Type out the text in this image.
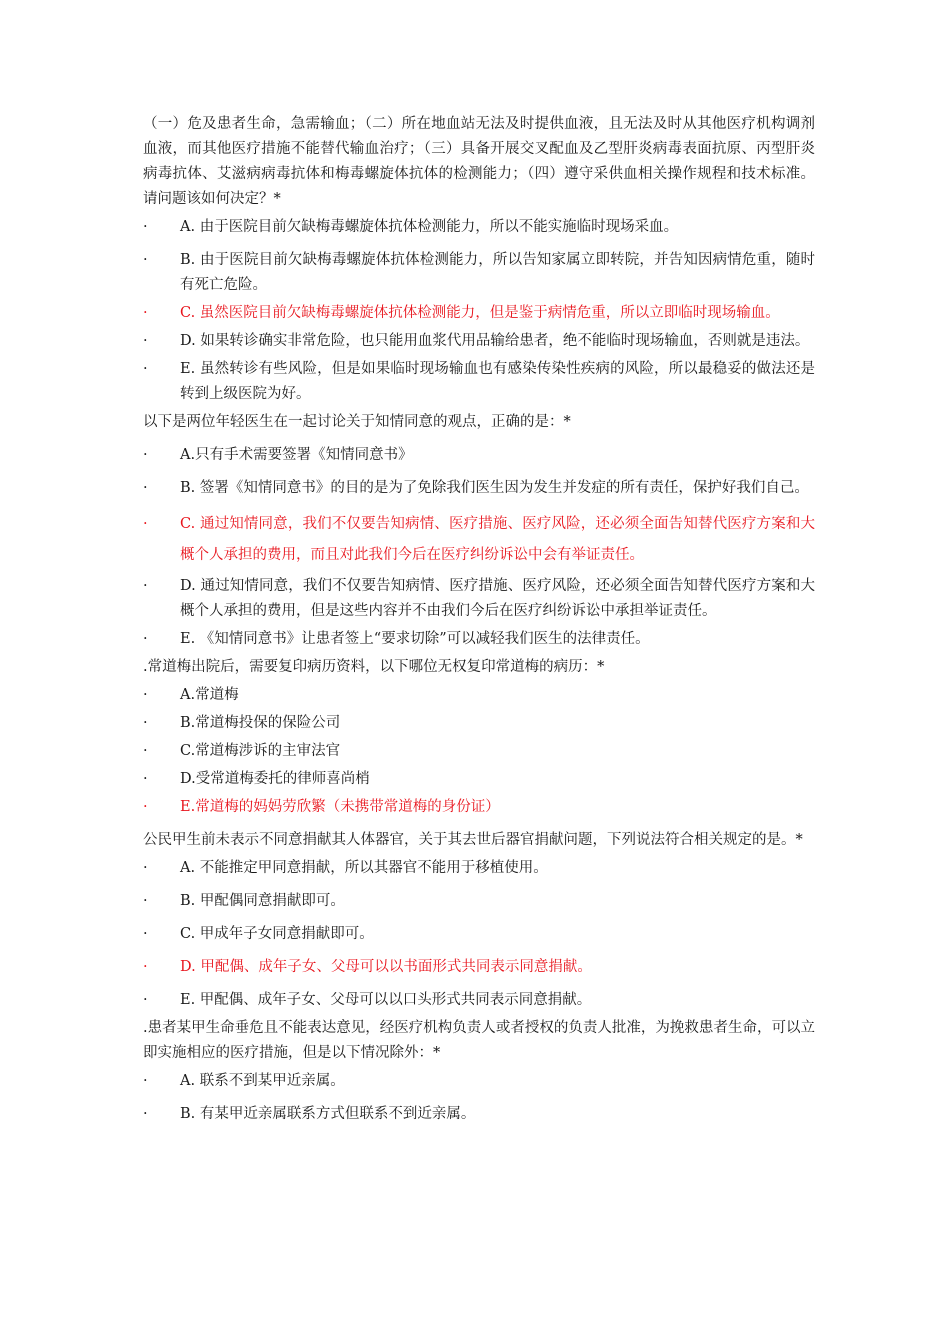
（一）危及患者生命，急需输血；（二）所在地血站无法及时提供血液，且无法及时从其他医疗机构调剂血液，而其他医疗措施不能替代输血治疗；（三）具备开展交叉配血及乙型肝炎病毒表面抗原、丙型肝炎病毒抗体、艾滋病病毒抗体和梅毒螺旋体抗体的检测能力；（四）遵守采供血相关操作规程和技术标准。请问题该如何决定？*

·	A. 由于医院目前欠缺梅毒螺旋体抗体检测能力，所以不能实施临时现场采血。
·	B. 由于医院目前欠缺梅毒螺旋体抗体检测能力，所以告知家属立即转院，并告知因病情危重，随时有死亡危险。
·	C. 虽然医院目前欠缺梅毒螺旋体抗体检测能力，但是鉴于病情危重，所以立即临时现场输血。
·	D. 如果转诊确实非常危险，也只能用血浆代用品输给患者，绝不能临时现场输血，否则就是违法。
·	E. 虽然转诊有些风险，但是如果临时现场输血也有感染传染性疾病的风险，所以最稳妥的做法还是转到上级医院为好。

以下是两位年轻医生在一起讨论关于知情同意的观点，正确的是：*

·	A.只有手术需要签署《知情同意书》
·	B. 签署《知情同意书》的目的是为了免除我们医生因为发生并发症的所有责任，保护好我们自己。
·	C. 通过知情同意，我们不仅要告知病情、医疗措施、医疗风险，还必须全面告知替代医疗方案和大概个人承担的费用，而且对此我们今后在医疗纠纷诉讼中会有举证责任。
·	D. 通过知情同意，我们不仅要告知病情、医疗措施、医疗风险，还必须全面告知替代医疗方案和大概个人承担的费用，但是这些内容并不由我们今后在医疗纠纷诉讼中承担举证责任。
·	E. 《知情同意书》让患者签上“要求切除”可以减轻我们医生的法律责任。

.常道梅出院后，需要复印病历资料，以下哪位无权复印常道梅的病历：*

·	A.常道梅
·	B.常道梅投保的保险公司
·	C.常道梅涉诉的主审法官
·	D.受常道梅委托的律师喜尚梢
·	E.常道梅的妈妈劳欣繁（未携带常道梅的身份证）

公民甲生前未表示不同意捐献其人体器官，关于其去世后器官捐献问题，下列说法符合相关规定的是。*

·	A. 不能推定甲同意捐献，所以其器官不能用于移植使用。
·	B. 甲配偶同意捐献即可。
·	C. 甲成年子女同意捐献即可。
·	D. 甲配偶、成年子女、父母可以以书面形式共同表示同意捐献。
·	E. 甲配偶、成年子女、父母可以以口头形式共同表示同意捐献。

.患者某甲生命垂危且不能表达意见，经医疗机构负责人或者授权的负责人批准，为挽救患者生命，可以立即实施相应的医疗措施，但是以下情况除外：*

·	A. 联系不到某甲近亲属。
·	B. 有某甲近亲属联系方式但联系不到近亲属。
